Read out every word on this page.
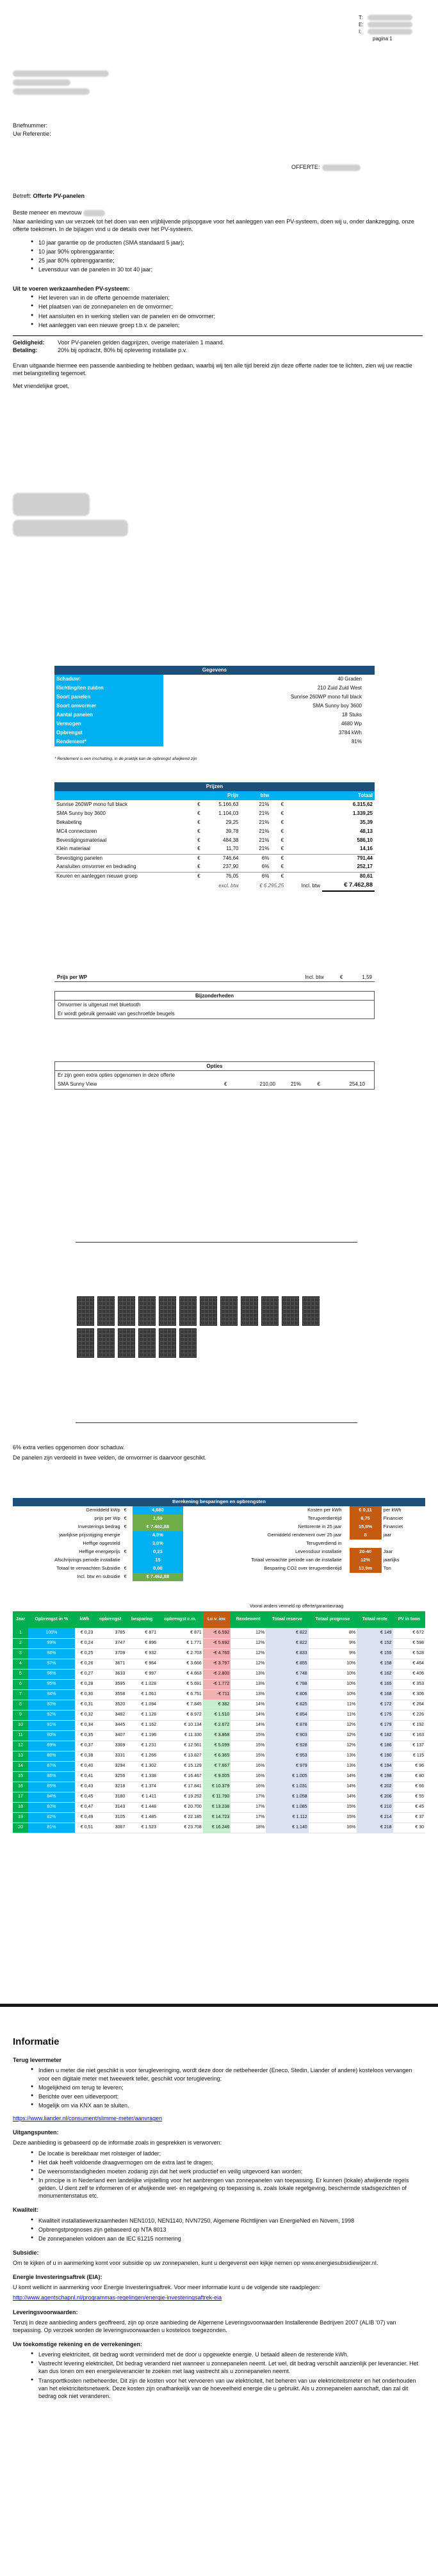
T:
E:
I:
pagina 1
Briefnummer:
Uw Referentie:
OFFERTE:

Betreft: Offerte PV-panelen

Beste meneer en mevrouw

Naar aanleiding van uw verzoek tot het doen van een vrijblijvende prijsopgave voor het aanleggen van een PV-systeem, doen wij u, onder dankzegging, onze offerte toekomen. In de bijlagen vind u de details over het PV-systeem.

● 10 jaar garantie op de producten (SMA standaard 5 jaar);
● 10 jaar 90% opbrenggarantie;
● 25 jaar 80% opbrenggarantie;
● Levensduur van de panelen in 30 tot 40 jaar;

Uit te voeren werkzaamheden PV-systeem:

● Het leveren van in de offerte genoemde materialen;
● Het plaatsen van de zonnepanelen en de omvormer;
● Het aansluiten en in werking stellen van de panelen en de omvormer;
● Het aanleggen van een nieuwe groep t.b.v. de panelen;
Geldigheid:	Voor PV-panelen gelden dagprijzen, overige materialen 1 maand.
Betaling:	20% bij opdracht, 80% bij oplevering installatie p.v.

Ervan uitgaande hiermee een passende aanbieding te hebben gedaan, waarbij wij ten alle tijd bereid zijn deze offerte nader toe te lichten, zien wij uw reactie met belangstelling tegemoet.

Met vriendelijke groet,

Gegevens	
Schaduw:	40 Graden
Richting/ten zuiden	210 Zuid Zuid West
Soort panelen	Sunrise 260WP mono full black
Soort omvormer	SMA Sunny boy 3600
Aantal panelen	18 Stuks
Vermogen	4680 Wp
Opbrengst	3784 kWh
Rendement*	81%
* Rendement is een inschatting, in de praktijk kan de opbrengst afwijkend zijn
Prijzen						
		Prijs	btw		Totaal	
Sunrise 260WP mono full black	€	5.166,63	21%	€	6.315,62	
SMA Sunny boy 3600	€	1.104,03	21%	€	1.339,25	
Bekabeling	€	29,25	21%	€	35,39	
MC4 connectoren	€	39,78	21%	€	48,13	
Bevestigingsmateriaal	€	484,38	21%	€	586,10	
Klein materiaal	€	11,70	21%	€	14,16	
Bevestiging panelen	€	746,64	6%	€	791,44	
Aansluiten omvormer en bedrading	€	237,90	6%	€	252,17	
Keuren en aanleggen nieuwe groep	€	76,05	6%	€	80,61	
excl. btw			€ 6.295,25		Incl. btw	€ 7.462,88
Prijs per WP	Incl. btw	€	1,59
Bijzonderheden
Omvormer is uitgerust met bluetooth
Er wordt gebruik gemaakt van geschroefde beugels
Opties
Er zijn geen extra opties opgenomen in deze offerte
SMA Sunny View	€	210,00	21%	€	254,10

6% extra verlies opgenomen door schaduw.

De panelen zijn verdeeld in twee velden, de omvormer is daarvoor geschikt.

Berekening besparingen en opbrengsten							
Gemiddeld kWp	€	4,680		Kosten per kWh		€ 0,11	per kWh
prijs per Wp	€	1,59		Terugverdientijd		8,75	Financiet
Investerings bedrag	€	€ 7.462,88		Nettorente in 25 jaar		15,8%	Financiet
jaarlijkse prijsstijging energie		4,0%		Gemiddeld rendement over 25 jaar		8	jaar
Heffige opgesteld		3,0%		Terugverdiend in			
Heffige energieprijs	€	0,23		Levensduur installatie		20-40	Jaar
Afschrijvings periode installatie		15		Totaal verwachte periode van de installatie		12%	jaarlijks
Totaal te verwachten Subsidie	€	0,00		Besparing CO2 over terugverdientijd		13,9m	Ton
Incl. btw en subsidie	€	€ 7.462,88					
Vooral anders vermeld op offerte/garantievraag
Jaar	Opbrengst in %	kWh	opbrengst	besparing	opbrengst c.m.	t.o.v. inv.	Rendement	Totaal reserve	Totaal prognose	Totaal rente	PV in toon
1	100%	€ 0,23	3785	€ 871	€ 871	-€ 6.592	12%	€ 822	8%	€ 149	€ 672
2	99%	€ 0,24	3747	€ 896	€ 1.771	-€ 5.692	12%	€ 822	9%	€ 152	€ 598
3	98%	€ 0,25	3709	€ 932	€ 2.703	-€ 4.760	12%	€ 833	9%	€ 155	€ 528
4	97%	€ 0,26	3671	€ 964	€ 3.666	-€ 3.797	12%	€ 855	10%	€ 158	€ 464
5	96%	€ 0,27	3633	€ 997	€ 4.663	-€ 2.800	13%	€ 748	10%	€ 162	€ 406
6	95%	€ 0,28	3595	€ 1.028	€ 5.691	-€ 1.772	13%	€ 788	10%	€ 165	€ 353
7	94%	€ 0,30	3558	€ 1.061	€ 6.751	-€ 711	13%	€ 806	10%	€ 168	€ 306
8	93%	€ 0,31	3520	€ 1.094	€ 7.845	€ 382	14%	€ 825	11%	€ 172	€ 264
9	92%	€ 0,32	3482	€ 1.128	€ 8.972	€ 1.510	14%	€ 854	11%	€ 175	€ 226
10	91%	€ 0,34	3445	€ 1.162	€ 10.134	€ 2.672	14%	€ 878	12%	€ 179	€ 192
11	90%	€ 0,35	3407	€ 1.196	€ 11.330	€ 3.868	15%	€ 903	12%	€ 182	€ 163
12	89%	€ 0,37	3369	€ 1.231	€ 12.561	€ 5.099	15%	€ 928	12%	€ 186	€ 137
13	88%	€ 0,38	3331	€ 1.266	€ 13.827	€ 6.365	15%	€ 953	13%	€ 190	€ 115
14	87%	€ 0,40	3294	€ 1.302	€ 15.129	€ 7.667	16%	€ 979	13%	€ 194	€ 96
15	86%	€ 0,41	3256	€ 1.338	€ 16.467	€ 9.005	16%	€ 1.005	14%	€ 198	€ 80
16	85%	€ 0,43	3218	€ 1.374	€ 17.841	€ 10.379	16%	€ 1.031	14%	€ 202	€ 66
17	84%	€ 0,45	3180	€ 1.411	€ 19.252	€ 11.790	17%	€ 1.058	14%	€ 206	€ 55
18	83%	€ 0,47	3143	€ 1.448	€ 20.700	€ 13.238	17%	€ 1.085	15%	€ 210	€ 45
19	82%	€ 0,49	3105	€ 1.485	€ 22.185	€ 14.723	17%	€ 1.112	15%	€ 214	€ 37
20	81%	€ 0,51	3067	€ 1.523	€ 23.708	€ 16.246	18%	€ 1.140	16%	€ 218	€ 30
Informatie
Terug leverrmeter
● Indien u meter die niet geschikt is voor terugleveringing, wordt deze door de netbeheerder (Eneco, Stedin, Liander of andere) kosteloos vervangen voor een digitale meter met tweewerk teller, geschikt voor teruglevering;
● Mogelijkheid om terug te leveren;
● Berichte over een uitleverpoort;
● Mogelijk om via KNX aan te sluiten.
https://www.liander.nl/consument/slimme-meter/aanvragen
Uitgangspunten:

Deze aanbieding is gebaseerd op de informatie zoals in gesprekken is verworven:

● De locatie is bereikbaar met rolsteiger of ladder;
● Het dak heeft voldoende draagvermogen om de extra last te dragen;
● De weersomstandigheden moeten zodanig zijn dat het werk productief en veilig uitgevoerd kan worden;
● In principe is in Nederland een landelijke vrijstelling voor het aanbrengen van zonnepanelen van toepassing. Er kunnen (lokale) afwijkende regels gelden. U dient zelf te informeren of er afwijkende wet- en regelgeving op toepassing is, zoals lokale regelgeving, beschermde stadsgezichten of monumentenstatus etc.
Kwaliteit:
● Kwaliteit installatiewerkzaamheden NEN1010, NEN1140, NVN7250, Algemene Richtlijnen van EnergieNed en Novem, 1998
● Opbrengstprognoses zijn gebaseerd op NTA 8013
● De zonnepanelen voldoen aan de IEC 61215 normering
Subsidie:

Om te kijken of u in aanmerking komt voor subsidie op uw zonnepanelen, kunt u dergevenst een kijkje nemen op www.energiesubsidiewijzer.nl.

Energie Investeringsaftrek (EIA):

U komt wellicht in aanmerking voor Energie Investeringsaftrek. Voor meer informatie kunt u de volgende site raadplegen:

http://www.agentschapnl.nl/programmas-regelingen/energie-investeringsaftrek-eia
Leveringsvoorwaarden:

Tenzij in deze aanbieding anders geoffreerd, zijn op onze aanbieding de Algemene Leveringsvoorwaarden Installerende Bedrijven 2007 (ALIB '07) van toepassing. Op verzoek worden de leveringsvoorwaarden u kosteloos toegezonden.

Uw toekomstige rekening en de verrekeningen:
● Levering elektriciteit, dit bedrag wordt verminderd met de door u opgewekte energie. U betaald alleen de resterende kWh.
● Vastrecht levering elektriciteit, Dit bedrag veranderd niet wanneer u zonnepanelen neemt. Let wel, dit bedrag verschilt aanzienlijk per leverancier. Het kan dus lonen om een energieleverancier te zoeken met laag vastrecht als u zonnepanelen neemt.
● Transporttkosten netbeheerder, Dit zijn de kosten voor het vervoeren van uw elektriciteit, het beheren van uw elektriciteitsmeter en het onderhouden van het elektriciteitsnetwerk. Deze kosten zijn onafhankelijk van de hoeveelheid energie die u gebruikt. Als u zonnepanelen aanschaft, dan zal dit bedrag ook niet veranderen.
